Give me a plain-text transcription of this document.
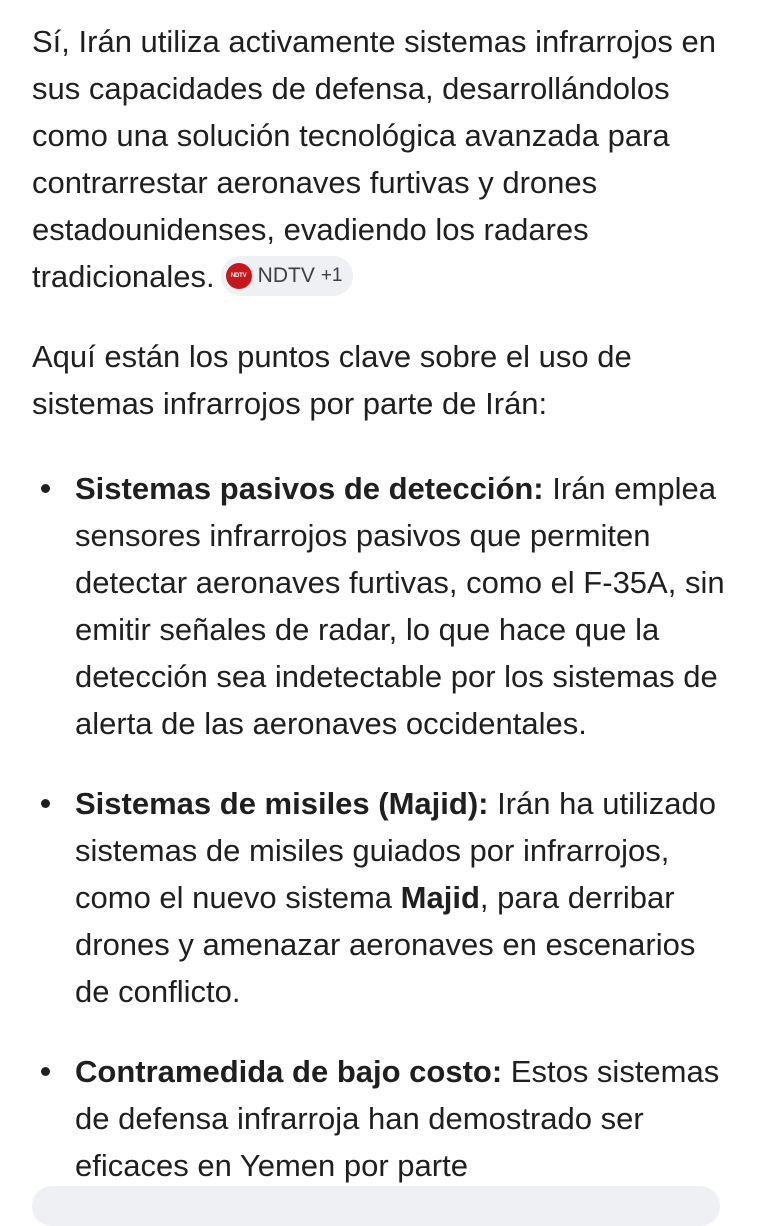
Sí, Irán utiliza activamente sistemas infrarrojos en sus capacidades de defensa, desarrollándolos como una solución tecnológica avanzada para contrarrestar aeronaves furtivas y drones estadounidenses, evadiendo los radares tradicionales.	NDTV NDTV +1

Aquí están los puntos clave sobre el uso de sistemas infrarrojos por parte de Irán:

Sistemas pasivos de detección: Irán emplea sensores infrarrojos pasivos que permiten detectar aeronaves furtivas, como el F-35A, sin emitir señales de radar, lo que hace que la detección sea indetectable por los sistemas de alerta de las aeronaves occidentales.
Sistemas de misiles (Majid): Irán ha utilizado sistemas de misiles guiados por infrarrojos, como el nuevo sistema Majid, para derribar drones y amenazar aeronaves en escenarios de conflicto.
Contramedida de bajo costo: Estos sistemas de defensa infrarroja han demostrado ser eficaces en Yemen por parte
